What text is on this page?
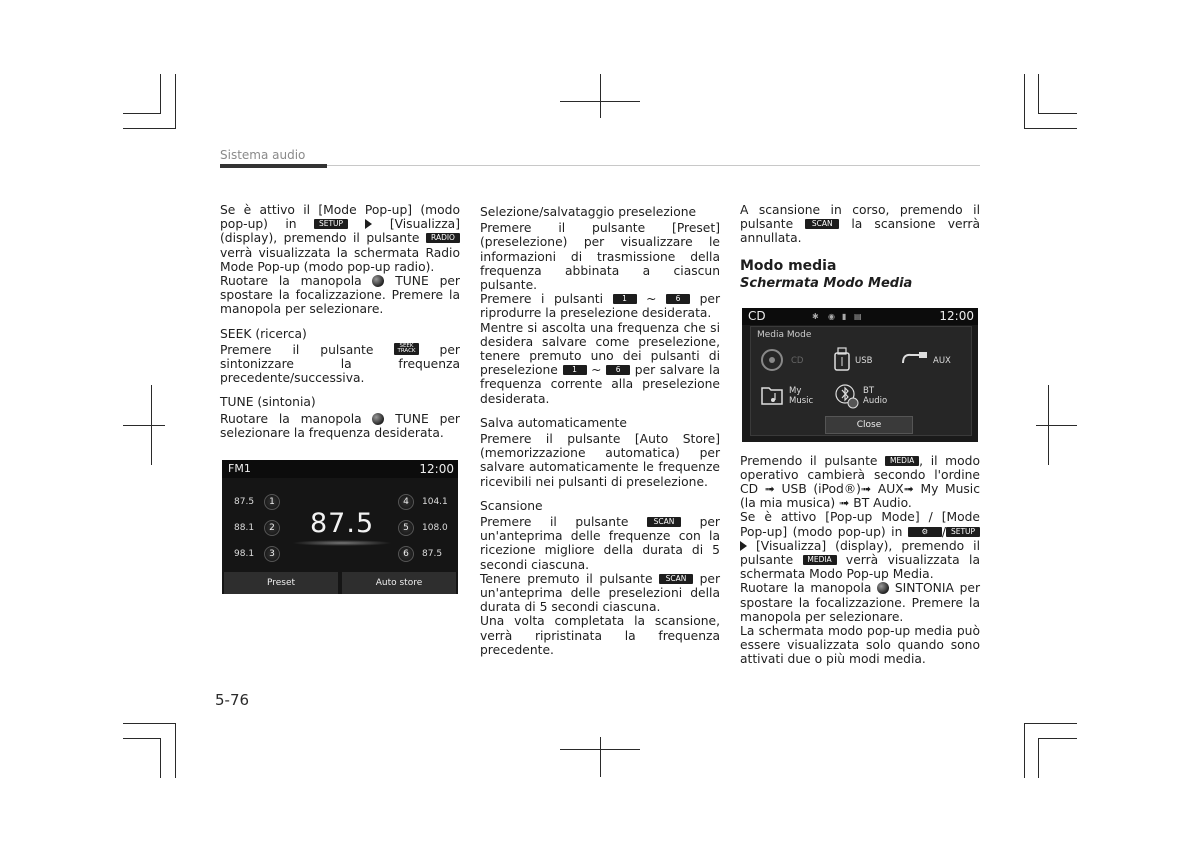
Sistema audio

Se è attivo il [Mode Pop-up] (modo pop-up) in SETUP  [Visualizza] (display), premendo il pulsante RADIO verrà visualizzata la schermata Radio Mode Pop-up (modo pop-up radio).

Ruotare la manopola  TUNE per spostare la focalizzazione. Premere la manopola per selezionare.

SEEK (ricerca)

Premere il pulsante SEEK
TRACK per sintonizzare la frequenza precedente/successiva.

TUNE (sintonia)

Ruotare la manopola  TUNE per selezionare la frequenza desiderata.

FM1	12:00
87.5	1
88.1	2
98.1	3
4	104.1
5	108.0
6	87.5
87.5
Preset	Auto store

Selezione/salvataggio preselezione

Premere il pulsante [Preset] (preselezione) per visualizzare le informazioni di trasmissione della frequenza abbinata a ciascun pulsante.

Premere i pulsanti 1 ~ 6 per riprodurre la preselezione desiderata.

Mentre si ascolta una frequenza che si desidera salvare come preselezione, tenere premuto uno dei pulsanti di preselezione 1 ~ 6 per salvare la frequenza corrente alla preselezione desiderata.

Salva automaticamente

Premere il pulsante [Auto Store] (memorizzazione automatica) per salvare automaticamente le frequenze ricevibili nei pulsanti di preselezione.

Scansione

Premere il pulsante SCAN per un'anteprima delle frequenze con la ricezione migliore della durata di 5 secondi ciascuna.

Tenere premuto il pulsante SCAN per un'anteprima delle preselezioni della durata di 5 secondi ciascuna.

Una volta completata la scansione, verrà ripristinata la frequenza precedente.

A scansione in corso, premendo il pulsante SCAN la scansione verrà annullata.

Modo media

Schermata Modo Media

Premendo il pulsante MEDIA , il modo operativo cambierà secondo l'ordine CD ➟ USB (iPod®)➟ AUX➟ My Music (la mia musica) ➟ BT Audio.

Se è attivo [Pop-up Mode] / [Mode Pop-up] (modo pop-up) in ⚙ / SETUP  [Visualizza] (display), premendo il pulsante MEDIA verrà visualizzata la schermata Modo Pop-up Media.

Ruotare la manopola  SINTONIA per spostare la focalizzazione. Premere la manopola per selezionare.

La schermata modo pop-up media può essere visualizzata solo quando sono attivati due o più modi media.

CD	✱ ◉ ▮ ▤	12:00
Media Mode
CD	USB	AUX
My
Music
BT
Audio
Close
5-76
